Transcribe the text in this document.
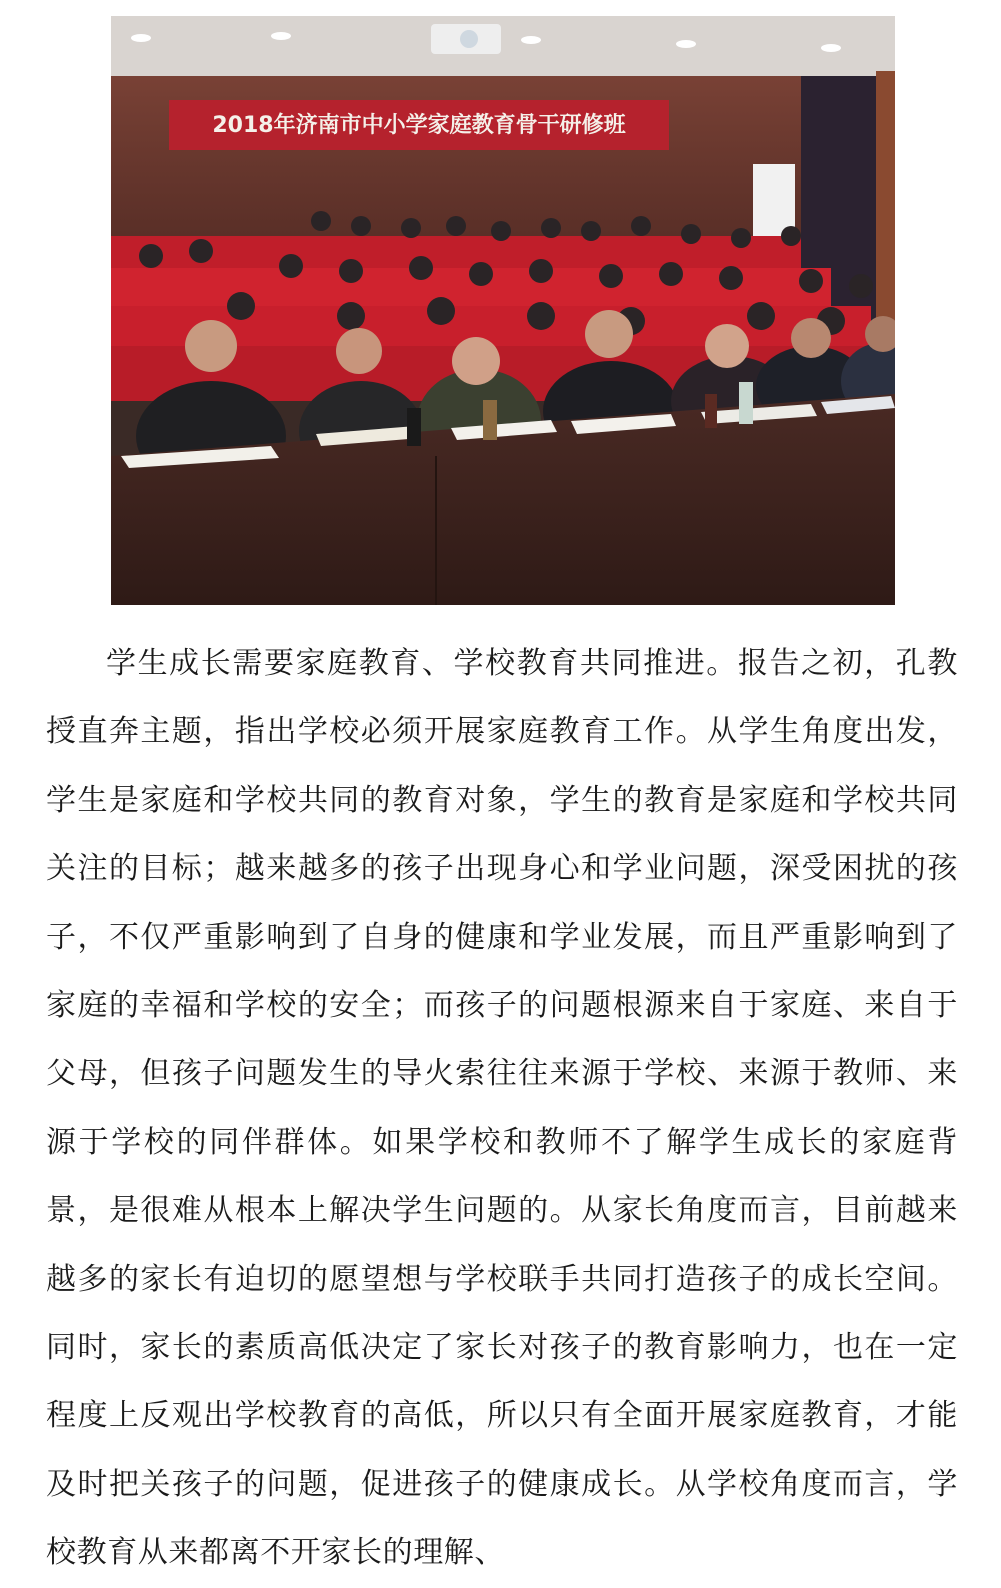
2018年济南市中小学家庭教育骨干研修班

学生成长需要家庭教育、学校教育共同推进。报告之初，孔教授直奔主题，指出学校必须开展家庭教育工作。从学生角度出发，学生是家庭和学校共同的教育对象，学生的教育是家庭和学校共同关注的目标；越来越多的孩子出现身心和学业问题，深受困扰的孩子，不仅严重影响到了自身的健康和学业发展，而且严重影响到了家庭的幸福和学校的安全；而孩子的问题根源来自于家庭、来自于父母，但孩子问题发生的导火索往往来源于学校、来源于教师、来源于学校的同伴群体。如果学校和教师不了解学生成长的家庭背景，是很难从根本上解决学生问题的。从家长角度而言，目前越来越多的家长有迫切的愿望想与学校联手共同打造孩子的成长空间。同时，家长的素质高低决定了家长对孩子的教育影响力，也在一定程度上反观出学校教育的高低，所以只有全面开展家庭教育，才能及时把关孩子的问题，促进孩子的健康成长。从学校角度而言，学校教育从来都离不开家长的理解、
